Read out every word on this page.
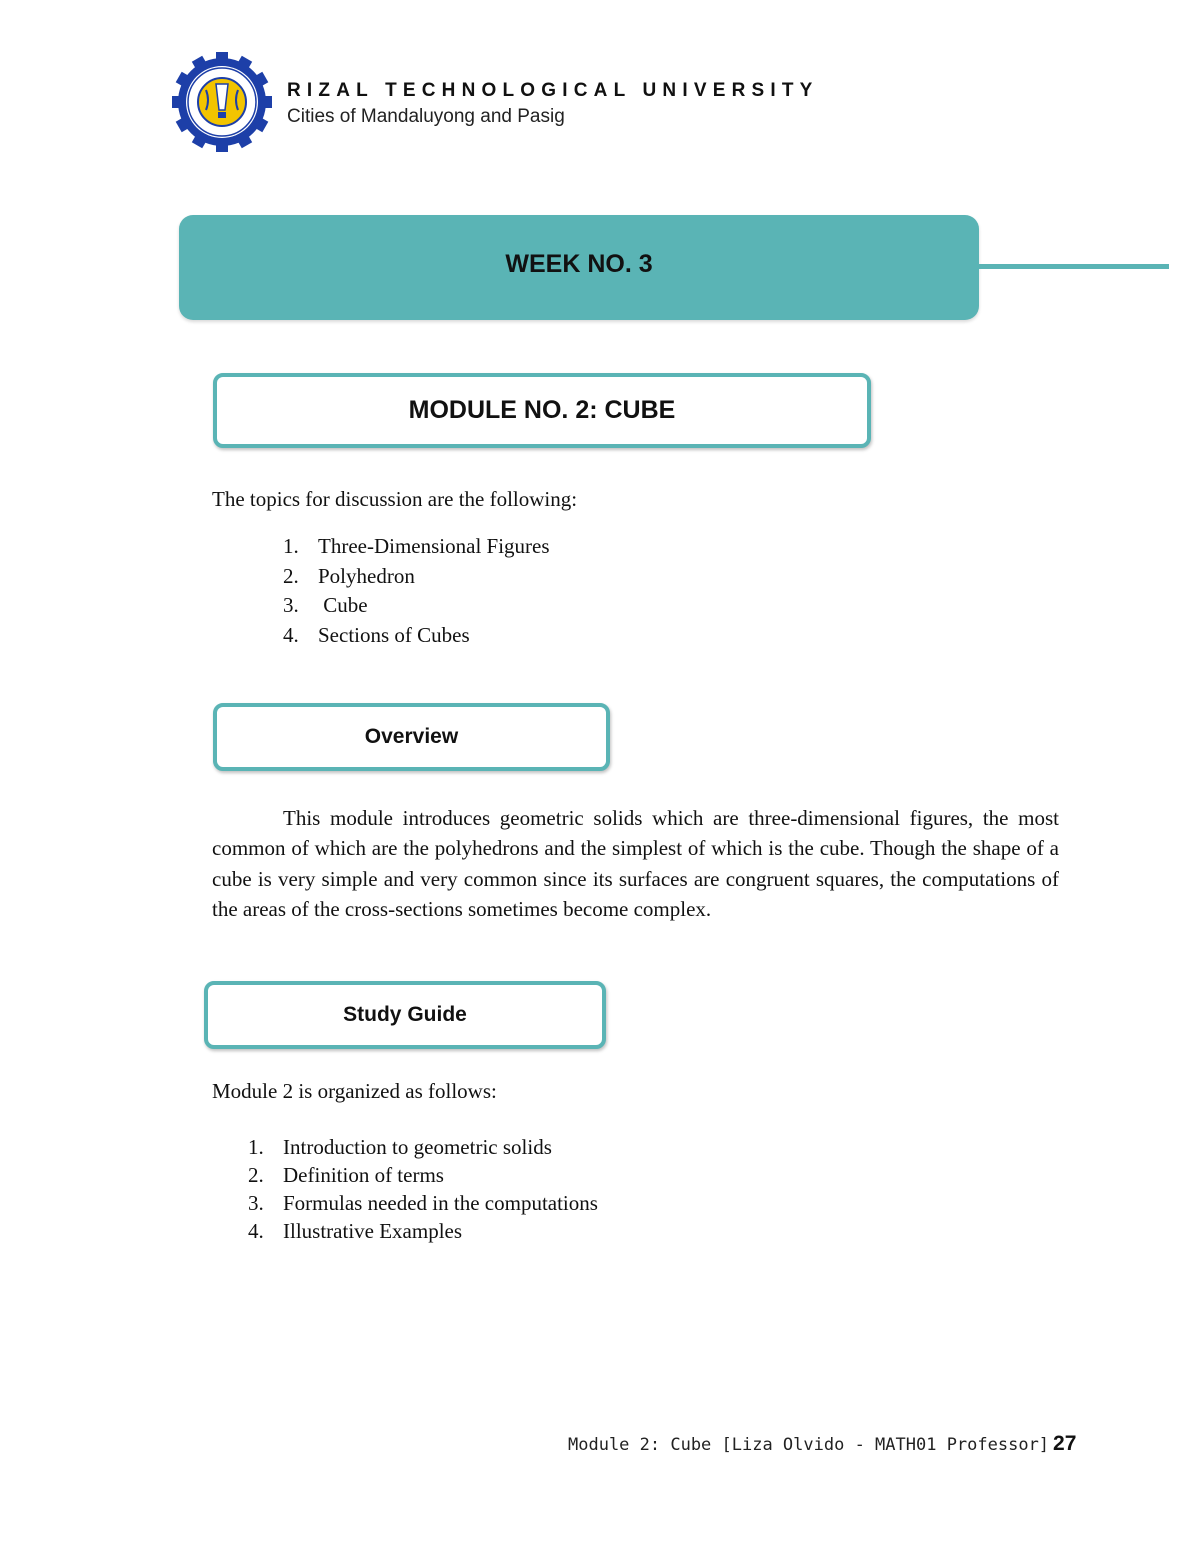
RIZAL TECHNOLOGICAL UNIVERSITY
Cities of Mandaluyong and Pasig
WEEK NO. 3
MODULE NO. 2: CUBE
The topics for discussion are the following:
1. Three-Dimensional Figures
2. Polyhedron
3. Cube
4. Sections of Cubes
Overview
This module introduces geometric solids which are three-dimensional figures, the most common of which are the polyhedrons and the simplest of which is the cube. Though the shape of a cube is very simple and very common since its surfaces are congruent squares, the computations of the areas of the cross-sections sometimes become complex.
Study Guide
Module 2 is organized as follows:
1. Introduction to geometric solids
2. Definition of terms
3. Formulas needed in the computations
4. Illustrative Examples
Module 2: Cube [Liza Olvido - MATH01 Professor] 27
